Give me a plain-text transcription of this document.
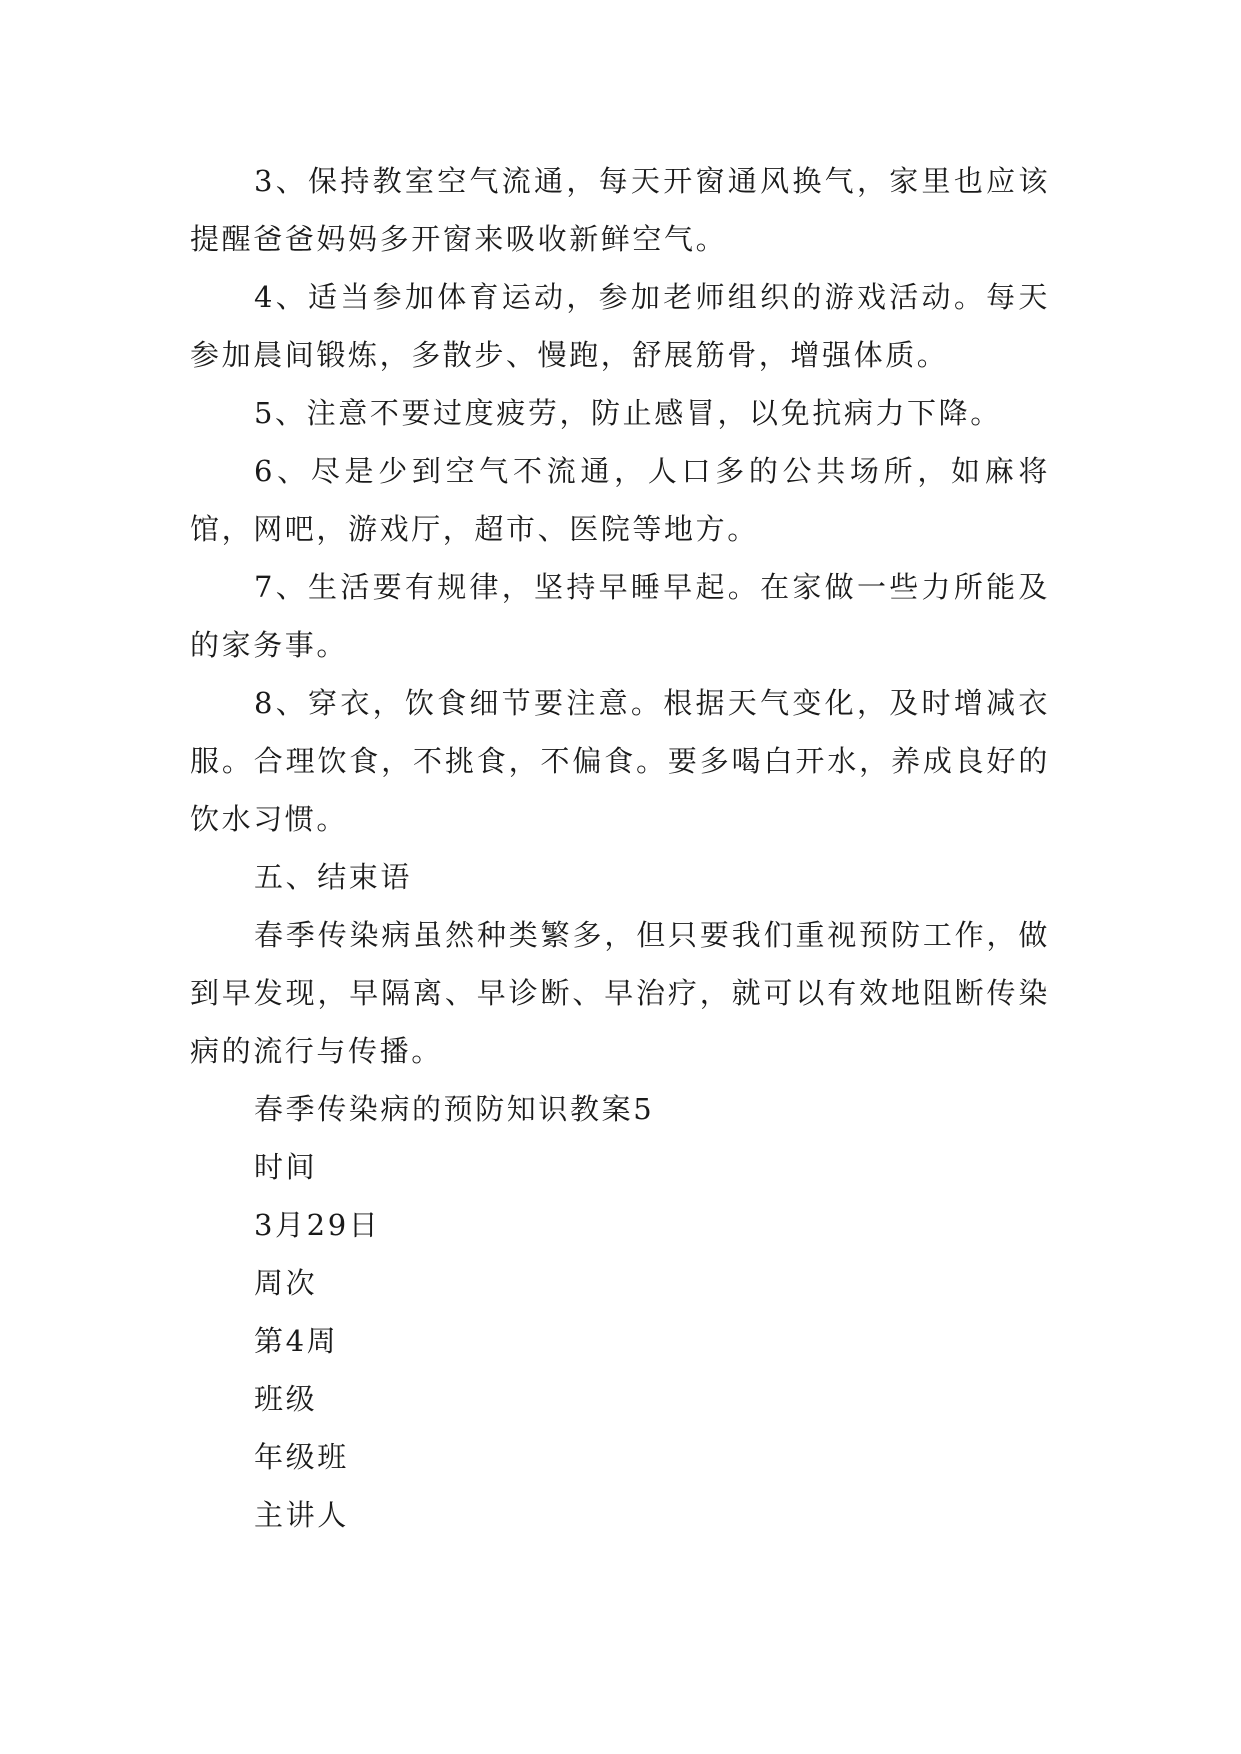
3、保持教室空气流通，每天开窗通风换气，家里也应该提醒爸爸妈妈多开窗来吸收新鲜空气。

4、适当参加体育运动，参加老师组织的游戏活动。每天参加晨间锻炼，多散步、慢跑，舒展筋骨，增强体质。

5、注意不要过度疲劳，防止感冒，以免抗病力下降。

6、尽是少到空气不流通，人口多的公共场所，如麻将馆，网吧，游戏厅，超市、医院等地方。

7、生活要有规律，坚持早睡早起。在家做一些力所能及的家务事。

8、穿衣，饮食细节要注意。根据天气变化，及时增减衣服。合理饮食，不挑食，不偏食。要多喝白开水，养成良好的饮水习惯。

五、结束语

春季传染病虽然种类繁多，但只要我们重视预防工作，做到早发现，早隔离、早诊断、早治疗，就可以有效地阻断传染病的流行与传播。

春季传染病的预防知识教案5

时间

3月29日

周次

第4周

班级

年级班

主讲人
